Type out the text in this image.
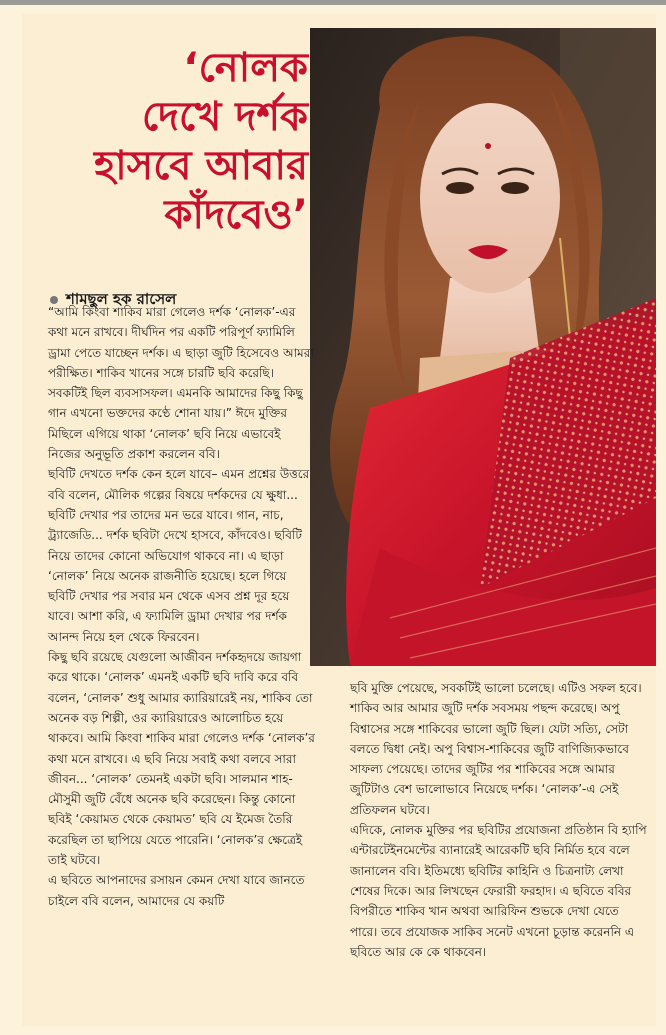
‘নোলক
দেখে দর্শক
হাসবে আবার
কাঁদবেও’
শামছুল হক রাসেল

“আমি কিংবা শাকিব মারা গেলেও দর্শক ‘নোলক’-এর কথা মনে রাখবে। দীর্ঘদিন পর একটি পরিপূর্ণ ফ্যামিলি ড্রামা পেতে যাচ্ছেন দর্শক। এ ছাড়া জুটি হিসেবেও আমরা পরীক্ষিত। শাকিব খানের সঙ্গে চারটি ছবি করেছি। সবকটিই ছিল ব্যবসাসফল। এমনকি আমাদের কিছু কিছু গান এখনো ভক্তদের কণ্ঠে শোনা যায়।” ঈদে মুক্তির মিছিলে এগিয়ে থাকা ‘নোলক’ ছবি নিয়ে এভাবেই নিজের অনুভূতি প্রকাশ করলেন ববি।

ছবিটি দেখতে দর্শক কেন হলে যাবে– এমন প্রশ্নের উত্তরে ববি বলেন, মৌলিক গল্পের বিষয়ে দর্শকদের যে ক্ষুধা... ছবিটি দেখার পর তাদের মন ভরে যাবে। গান, নাচ, ট্র্যাজেডি... দর্শক ছবিটা দেখে হাসবে, কাঁদবেও। ছবিটি নিয়ে তাদের কোনো অভিযোগ থাকবে না। এ ছাড়া ‘নোলক’ নিয়ে অনেক রাজনীতি হয়েছে। হলে গিয়ে ছবিটি দেখার পর সবার মন থেকে এসব প্রশ্ন দূর হয়ে যাবে। আশা করি, এ ফ্যামিলি ড্রামা দেখার পর দর্শক আনন্দ নিয়ে হল থেকে ফিরবেন।

কিছু ছবি রয়েছে যেগুলো আজীবন দর্শকহৃদয়ে জায়গা করে থাকে। ‘নোলক’ এমনই একটি ছবি দাবি করে ববি বলেন, ‘নোলক’ শুধু আমার ক্যারিয়ারেই নয়, শাকিব তো অনেক বড় শিল্পী, ওর ক্যারিয়ারেও আলোচিত হয়ে থাকবে। আমি কিংবা শাকিব মারা গেলেও দর্শক ‘নোলক’র কথা মনে রাখবে। এ ছবি নিয়ে সবাই কথা বলবে সারা জীবন... ‘নোলক’ তেমনই একটা ছবি। সালমান শাহ-মৌসুমী জুটি বেঁধে অনেক ছবি করেছেন। কিন্তু কোনো ছবিই ‘কেয়ামত থেকে কেয়ামত’ ছবি যে ইমেজ তৈরি করেছিল তা ছাপিয়ে যেতে পারেনি। ‘নোলক’র ক্ষেত্রেই তাই ঘটবে।

এ ছবিতে আপনাদের রসায়ন কেমন দেখা যাবে জানতে চাইলে ববি বলেন, আমাদের যে কয়টি

ছবি মুক্তি পেয়েছে, সবকটিই ভালো চলেছে। এটিও সফল হবে। শাকিব আর আমার জুটি দর্শক সবসময় পছন্দ করেছে। অপু বিশ্বাসের সঙ্গে শাকিবের ভালো জুটি ছিল। যেটা সত্যি, সেটা বলতে দ্বিধা নেই। অপু বিশ্বাস-শাকিবের জুটি বাণিজ্যিকভাবে সাফল্য পেয়েছে। তাদের জুটির পর শাকিবের সঙ্গে আমার জুটিটাও বেশ ভালোভাবে নিয়েছে দর্শক। ‘নোলক’-এ সেই প্রতিফলন ঘটবে।

এদিকে, নোলক মুক্তির পর ছবিটির প্রযোজনা প্রতিষ্ঠান বি হ্যাপি এন্টারটেইনমেন্টের ব্যানারেই আরেকটি ছবি নির্মিত হবে বলে জানালেন ববি। ইতিমধ্যে ছবিটির কাহিনি ও চিত্রনাট্য লেখা শেষের দিকে। আর লিখছেন ফেরারী ফরহাদ। এ ছবিতে ববির বিপরীতে শাকিব খান অথবা আরিফিন শুভকে দেখা যেতে পারে। তবে প্রযোজক সাকিব সনেট এখনো চূড়ান্ত করেননি এ ছবিতে আর কে কে থাকবেন।
